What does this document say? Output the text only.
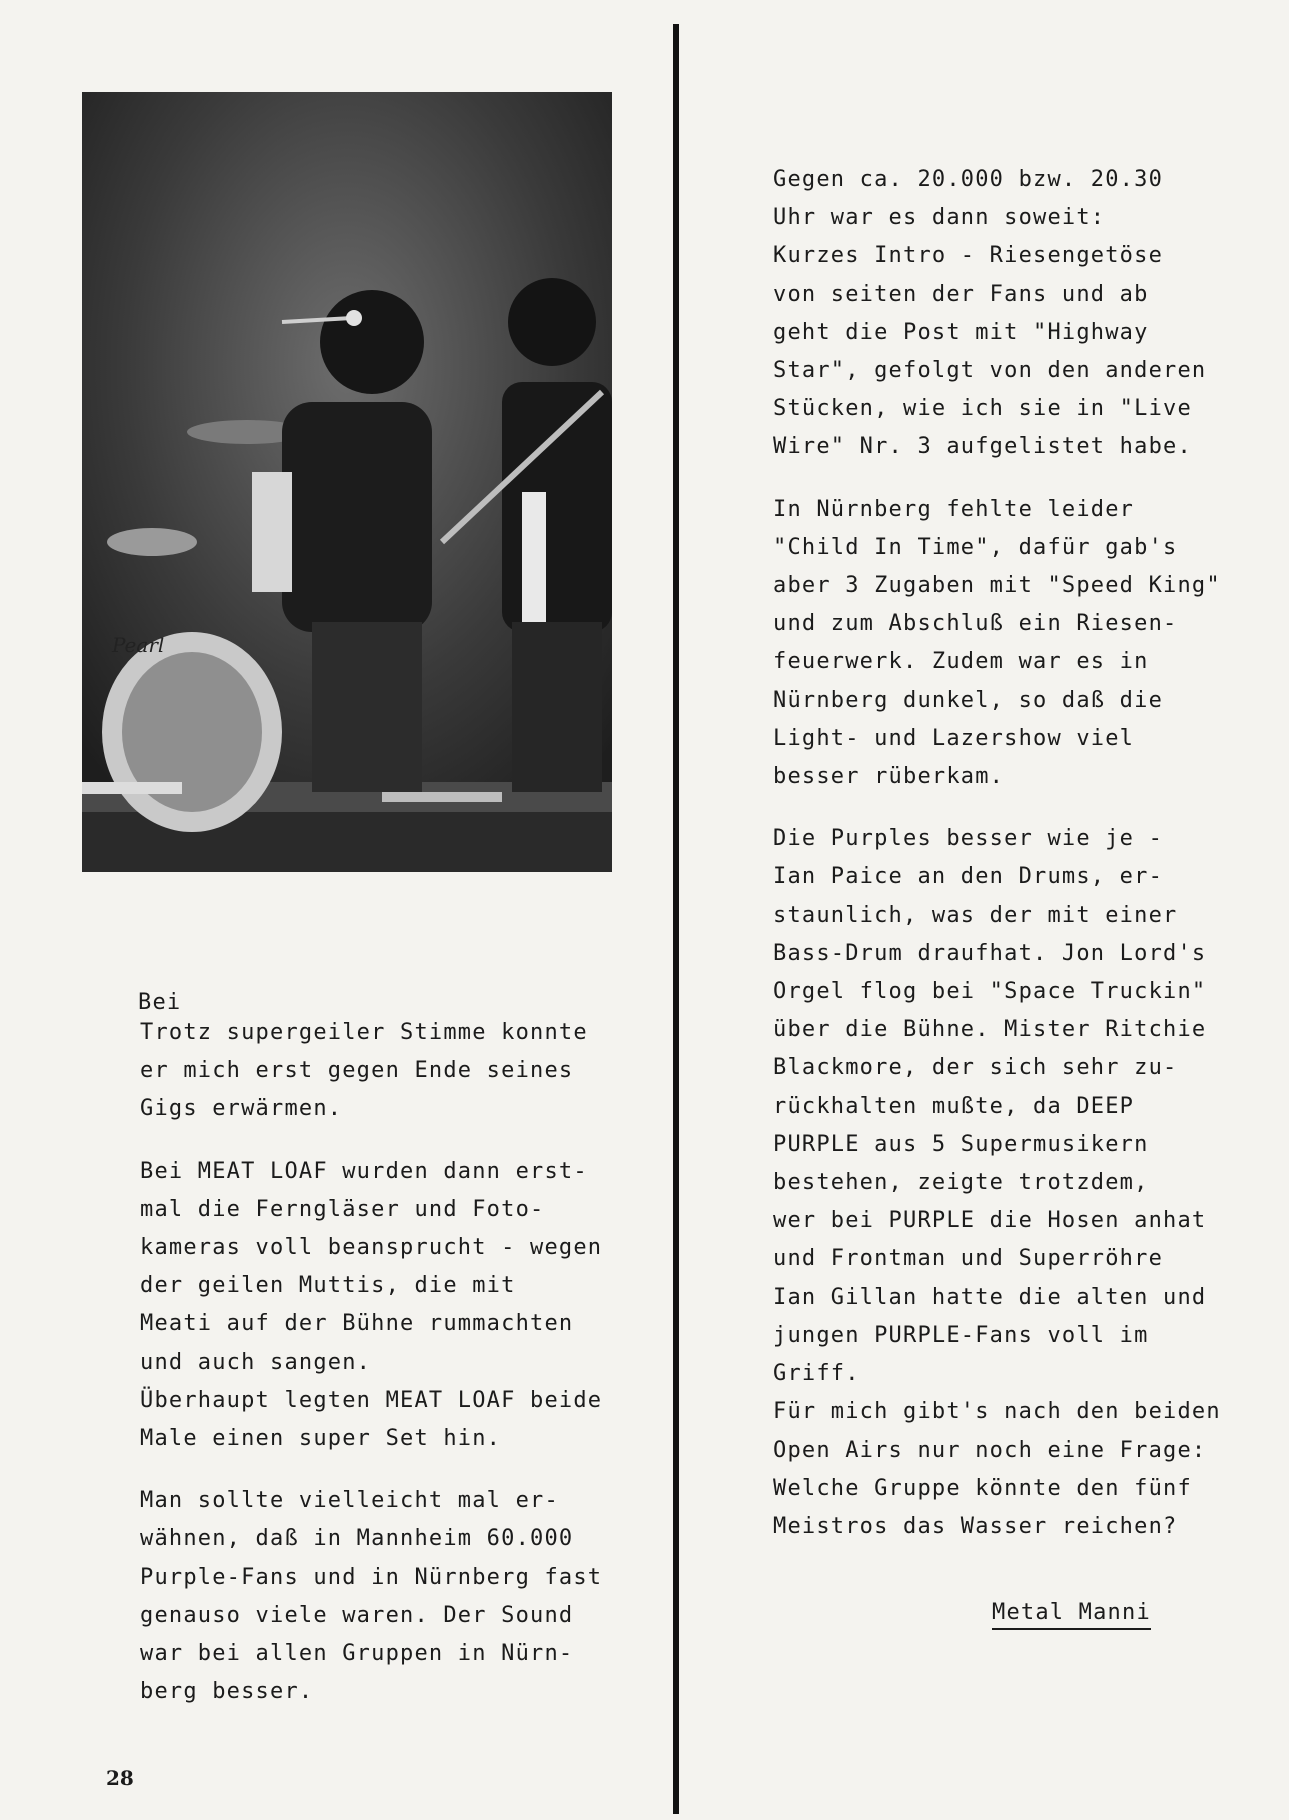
Pearl
Bei

Trotz supergeiler Stimme konnte

er mich erst gegen Ende seines

Gigs erwärmen.

Bei MEAT LOAF wurden dann erst-

mal die Ferngläser und Foto-

kameras voll beansprucht - wegen

der geilen Muttis, die mit

Meati auf der Bühne rummachten

und auch sangen.

Überhaupt legten MEAT LOAF beide

Male einen super Set hin.

Man sollte vielleicht mal er-

wähnen, daß in Mannheim 60.000

Purple-Fans und in Nürnberg fast

genauso viele waren. Der Sound

war bei allen Gruppen in Nürn-

berg besser.

Gegen ca. 20.000 bzw. 20.30

Uhr war es dann soweit:

Kurzes Intro - Riesengetöse

von seiten der Fans und ab

geht die Post mit "Highway

Star", gefolgt von den anderen

Stücken, wie ich sie in "Live

Wire" Nr. 3 aufgelistet habe.

In Nürnberg fehlte leider

"Child In Time", dafür gab's

aber 3 Zugaben mit "Speed King"

und zum Abschluß ein Riesen-

feuerwerk. Zudem war es in

Nürnberg dunkel, so daß die

Light- und Lazershow viel

besser rüberkam.

Die Purples besser wie je -

Ian Paice an den Drums, er-

staunlich, was der mit einer

Bass-Drum draufhat. Jon Lord's

Orgel flog bei "Space Truckin"

über die Bühne. Mister Ritchie

Blackmore, der sich sehr zu-

rückhalten mußte, da DEEP

PURPLE aus 5 Supermusikern

bestehen, zeigte trotzdem,

wer bei PURPLE die Hosen anhat

und Frontman und Superröhre

Ian Gillan hatte die alten und

jungen PURPLE-Fans voll im

Griff.

Für mich gibt's nach den beiden

Open Airs nur noch eine Frage:

Welche Gruppe könnte den fünf

Meistros das Wasser reichen?

Metal Manni
28
